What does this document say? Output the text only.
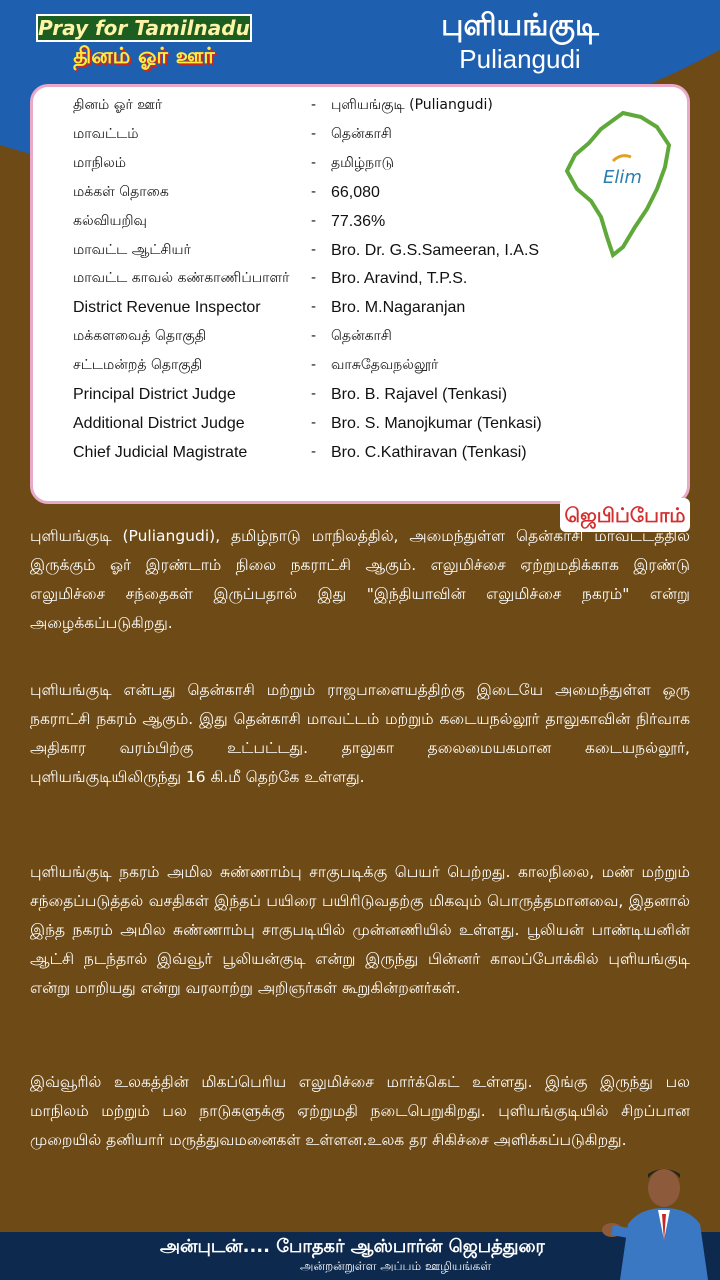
Pray for Tamilnadu
தினம் ஓர் ஊர்
புளியங்குடி
Puliangudi
தினம் ஓர் ஊர்	-	புளியங்குடி (Puliangudi)
மாவட்டம்	-	தென்காசி
மாநிலம்	-	தமிழ்நாடு
மக்கள் தொகை	- 66,080
கல்வியறிவு	- 77.36%
மாவட்ட ஆட்சியர்	- Bro. Dr. G.S.Sameeran, I.A.S
மாவட்ட காவல் கண்காணிப்பாளர்	- Bro. Aravind, T.P.S.
District Revenue Inspector	- Bro. M.Nagaranjan
மக்களவைத் தொகுதி	-	தென்காசி
சட்டமன்றத் தொகுதி	-	வாசுதேவநல்லூர்
Principal District Judge	- Bro. B. Rajavel (Tenkasi)
Additional District Judge	- Bro. S. Manojkumar (Tenkasi)
Chief Judicial Magistrate	- Bro. C.Kathiravan (Tenkasi)
Elim
ஜெபிப்போம்
புளியங்குடி (Puliangudi), தமிழ்நாடு மாநிலத்தில், அமைந்துள்ள தென்காசி மாவட்டத்தில் இருக்கும் ஓர் இரண்டாம் நிலை நகராட்சி ஆகும். எலுமிச்சை ஏற்றுமதிக்காக இரண்டு எலுமிச்சை சந்தைகள் இருப்பதால் இது "இந்தியாவின் எலுமிச்சை நகரம்" என்று அழைக்கப்படுகிறது.
புளியங்குடி என்பது தென்காசி மற்றும் ராஜபாளையத்திற்கு இடையே அமைந்துள்ள ஒரு நகராட்சி நகரம் ஆகும். இது தென்காசி மாவட்டம் மற்றும் கடையநல்லூர் தாலுகாவின் நிர்வாக அதிகார வரம்பிற்கு உட்பட்டது. தாலுகா தலைமையகமான கடையநல்லூர், புளியங்குடியிலிருந்து 16 கி.மீ தெற்கே உள்ளது.
புளியங்குடி நகரம் அமில சுண்ணாம்பு சாகுபடிக்கு பெயர் பெற்றது. காலநிலை, மண் மற்றும் சந்தைப்படுத்தல் வசதிகள் இந்தப் பயிரை பயிரிடுவதற்கு மிகவும் பொருத்தமானவை, இதனால் இந்த நகரம் அமில சுண்ணாம்பு சாகுபடியில் முன்னணியில் உள்ளது. பூலியன் பாண்டியனின் ஆட்சி நடந்தால் இவ்வூர் பூலியன்குடி என்று இருந்து பின்னர் காலப்போக்கில் புளியங்குடி என்று மாறியது என்று வரலாற்று அறிஞர்கள் கூறுகின்றனர்கள்.
இவ்வூரில் உலகத்தின் மிகப்பெரிய எலுமிச்சை மார்க்கெட் உள்ளது. இங்கு இருந்து பல மாநிலம் மற்றும் பல நாடுகளுக்கு ஏற்றுமதி நடைபெறுகிறது. புளியங்குடியில் சிறப்பான முறையில் தனியார் மருத்துவமனைகள் உள்ளன.உலக தர சிகிச்சை அளிக்கப்படுகிறது.
அன்புடன்.... போதகர் ஆஸ்பார்ன் ஜெபத்துரை
அன்றன்றுள்ள அப்பம் ஊழியங்கள்
